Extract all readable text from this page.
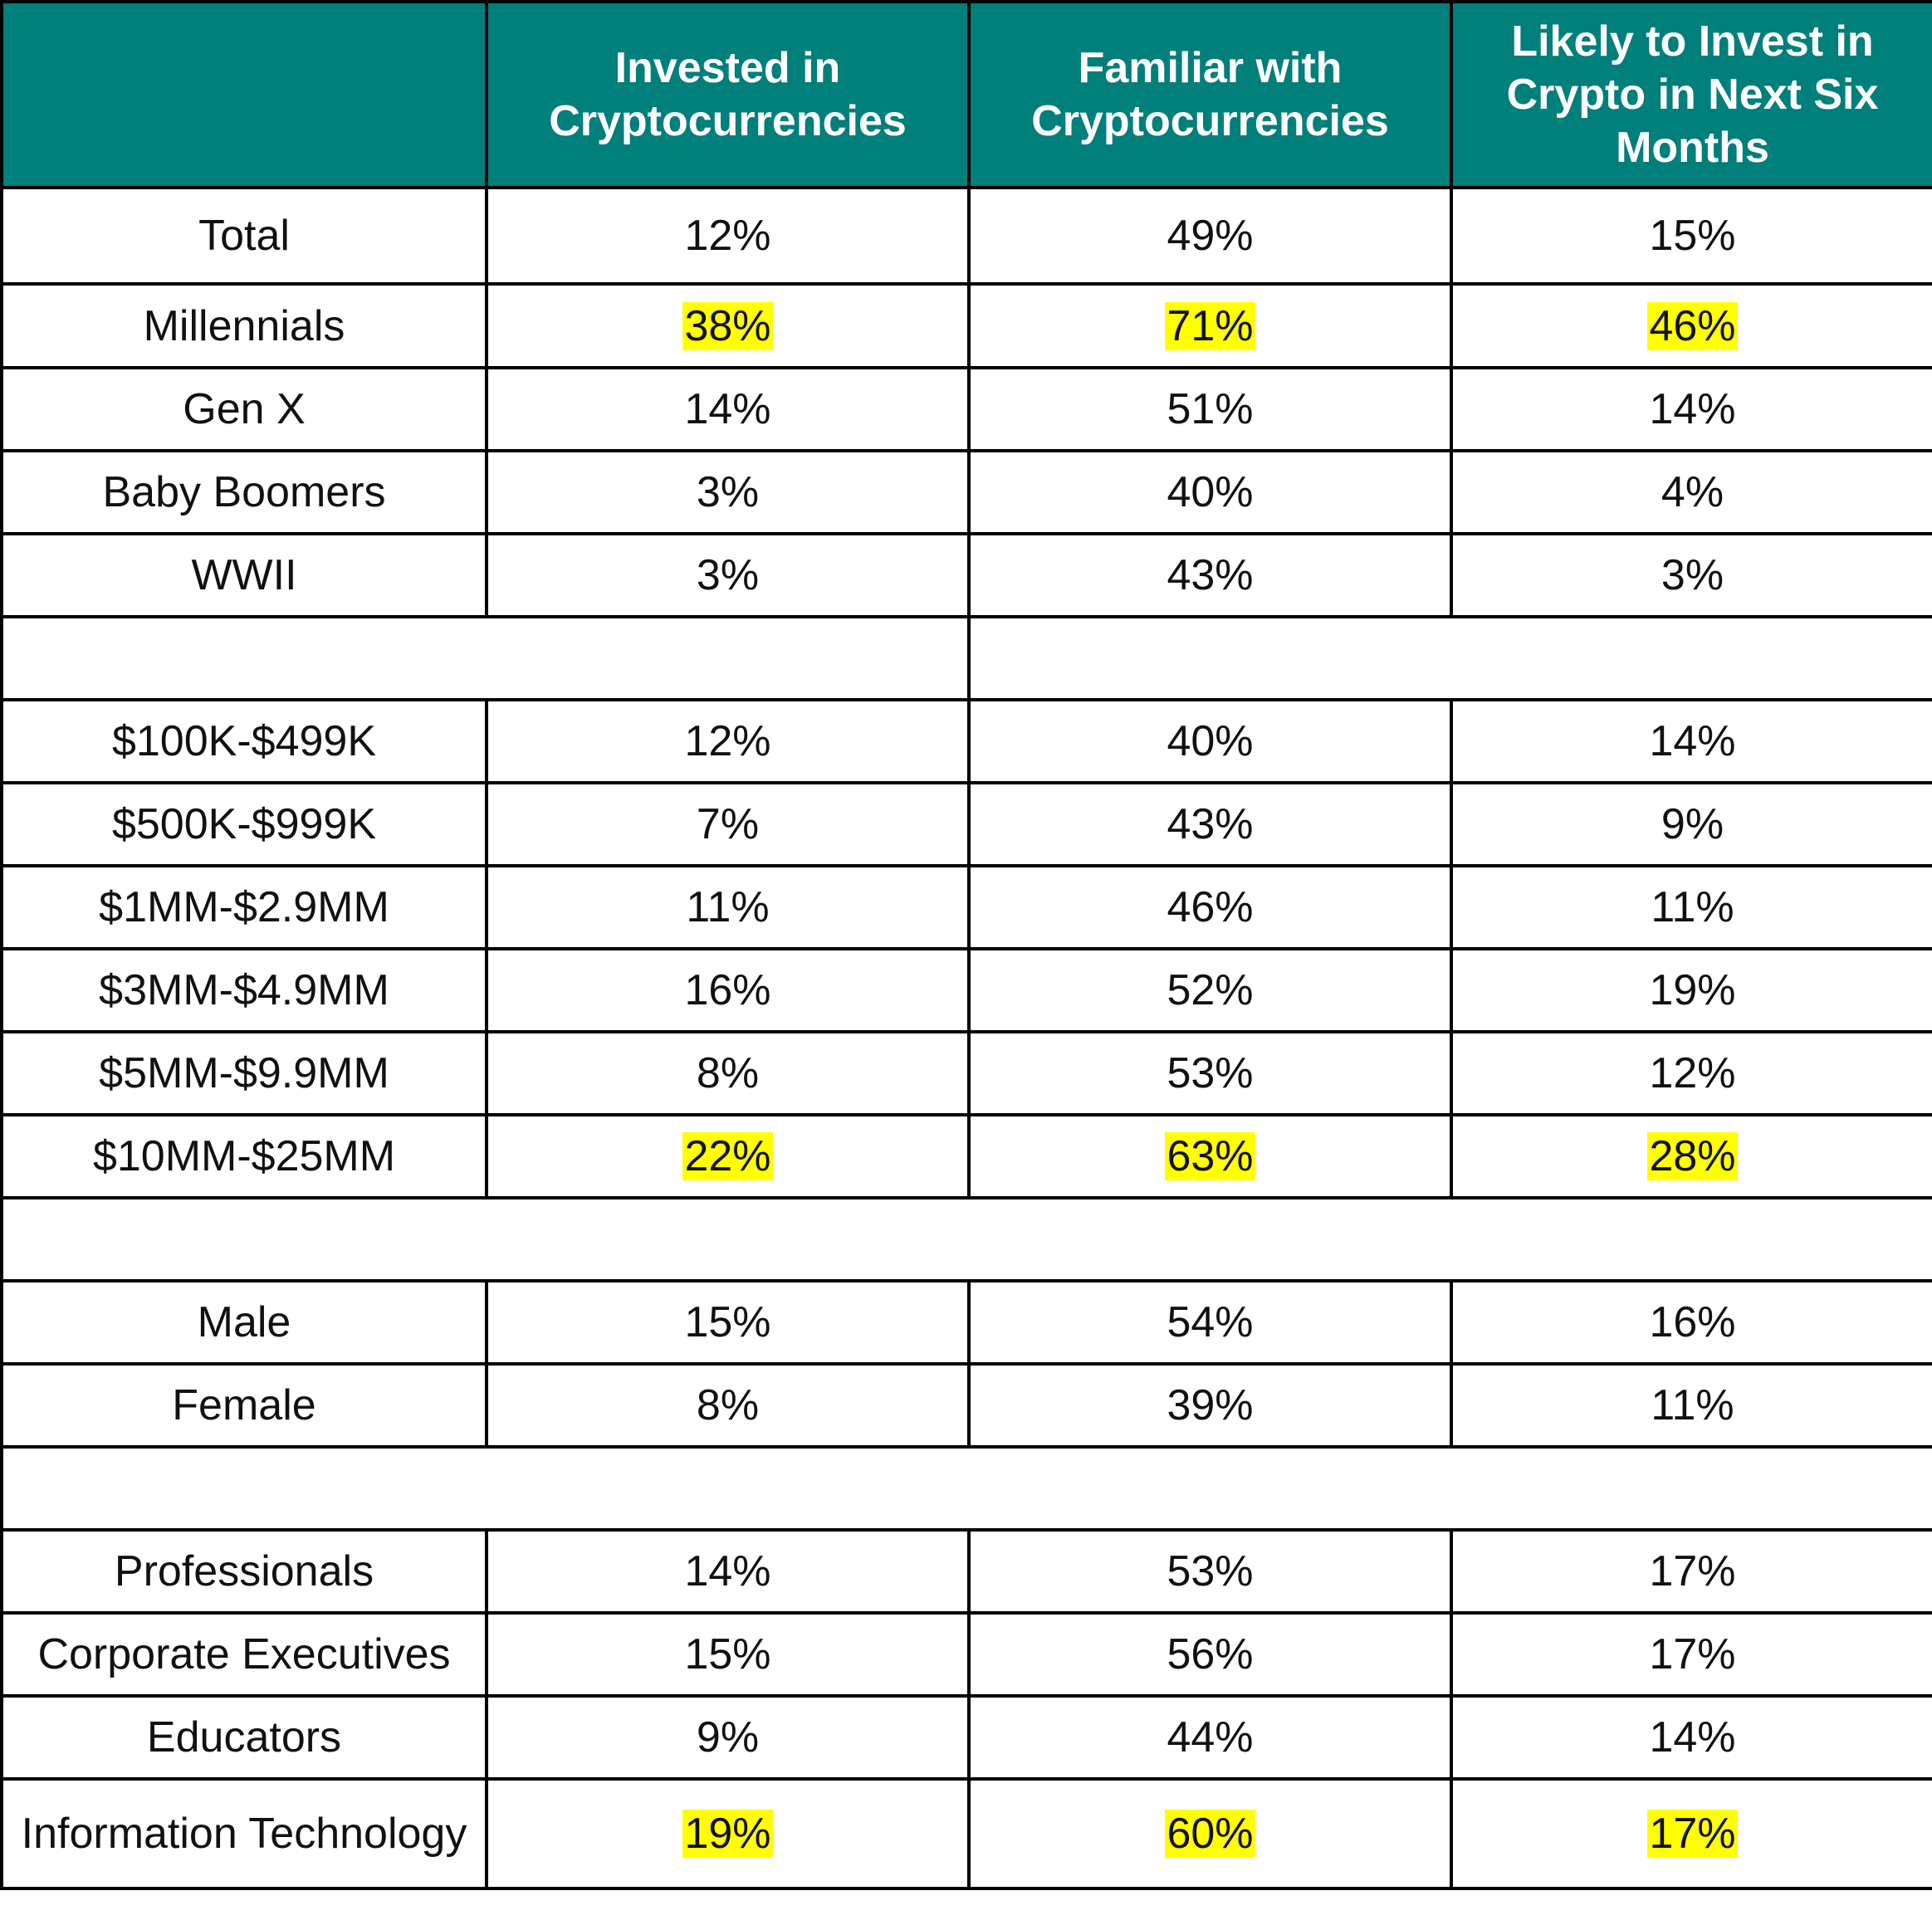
	Invested in Cryptocurrencies	Familiar with Cryptocurrencies	Likely to Invest in Crypto in Next Six Months
Total	12%	49%	15%
Millennials	38%	71%	46%
Gen X	14%	51%	14%
Baby Boomers	3%	40%	4%
WWII	3%	43%	3%

$100K-$499K	12%	40%	14%
$500K-$999K	7%	43%	9%
$1MM-$2.9MM	11%	46%	11%
$3MM-$4.9MM	16%	52%	19%
$5MM-$9.9MM	8%	53%	12%
$10MM-$25MM	22%	63%	28%

Male	15%	54%	16%
Female	8%	39%	11%

Professionals	14%	53%	17%
Corporate Executives	15%	56%	17%
Educators	9%	44%	14%
Information Technology	19%	60%	17%
